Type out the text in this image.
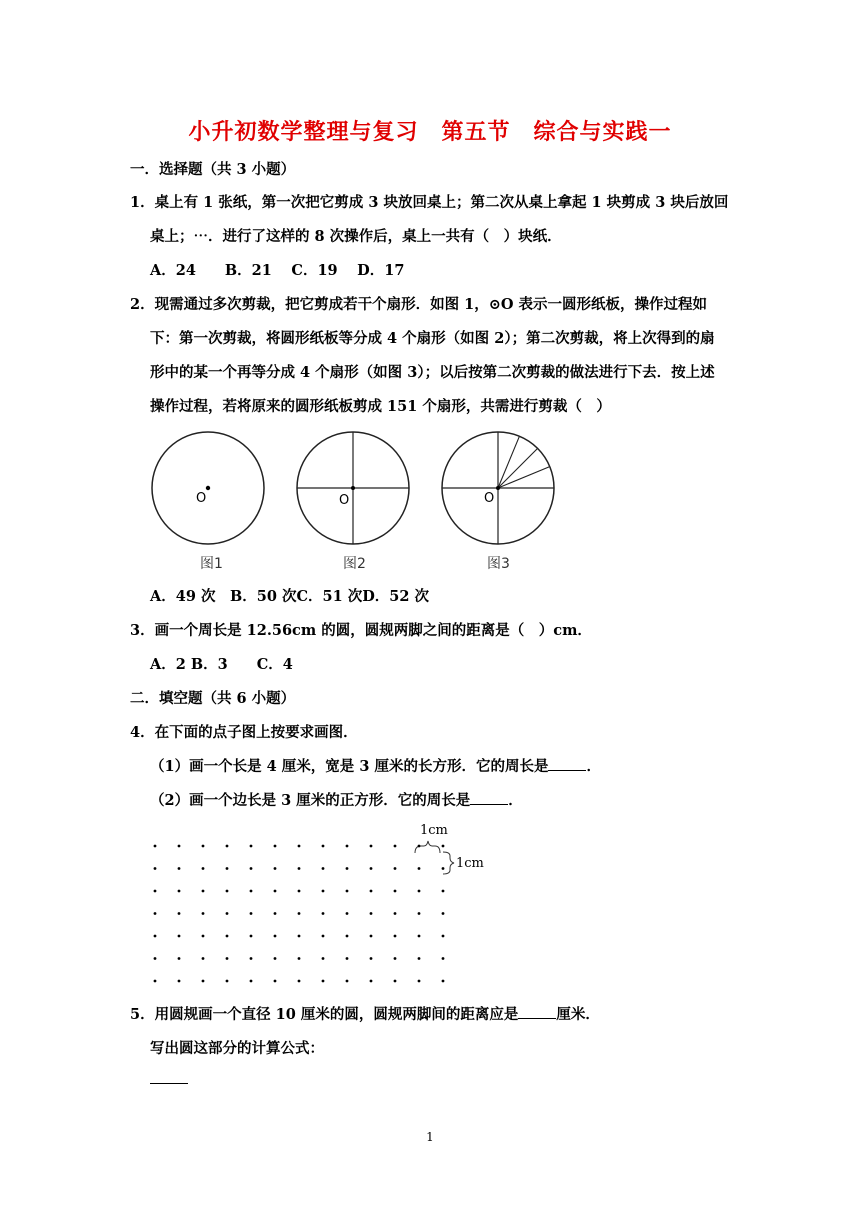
小升初数学整理与复习　第五节　综合与实践一
一．选择题（共 3 小题）
1．桌上有 1 张纸，第一次把它剪成 3 块放回桌上；第二次从桌上拿起 1 块剪成 3 块后放回
桌上；⋯．进行了这样的 8 次操作后，桌上一共有（　）块纸．
A．24　　B．21　 C．19　 D．17
2．现需通过多次剪裁，把它剪成若干个扇形．如图 1，⊙O 表示一圆形纸板，操作过程如
下：第一次剪裁，将圆形纸板等分成 4 个扇形（如图 2）；第二次剪裁，将上次得到的扇
形中的某一个再等分成 4 个扇形（如图 3）；以后按第二次剪裁的做法进行下去．按上述
操作过程，若将原来的圆形纸板剪成 151 个扇形，共需进行剪裁（　）
O
图1
O
图2
O
图3
A．49 次　B．50 次C．51 次D．52 次
3．画一个周长是 12.56cm 的圆，圆规两脚之间的距离是（　）cm．
A．2 B．3　　C．4
二．填空题（共 6 小题）
4．在下面的点子图上按要求画图．
（1）画一个长是 4 厘米，宽是 3 厘米的长方形．它的周长是	．
（2）画一个边长是 3 厘米的正方形．它的周长是	．
1cm
1cm
5．用圆规画一个直径 10 厘米的圆，圆规两脚间的距离应是	厘米．
写出圆这部分的计算公式：
1
